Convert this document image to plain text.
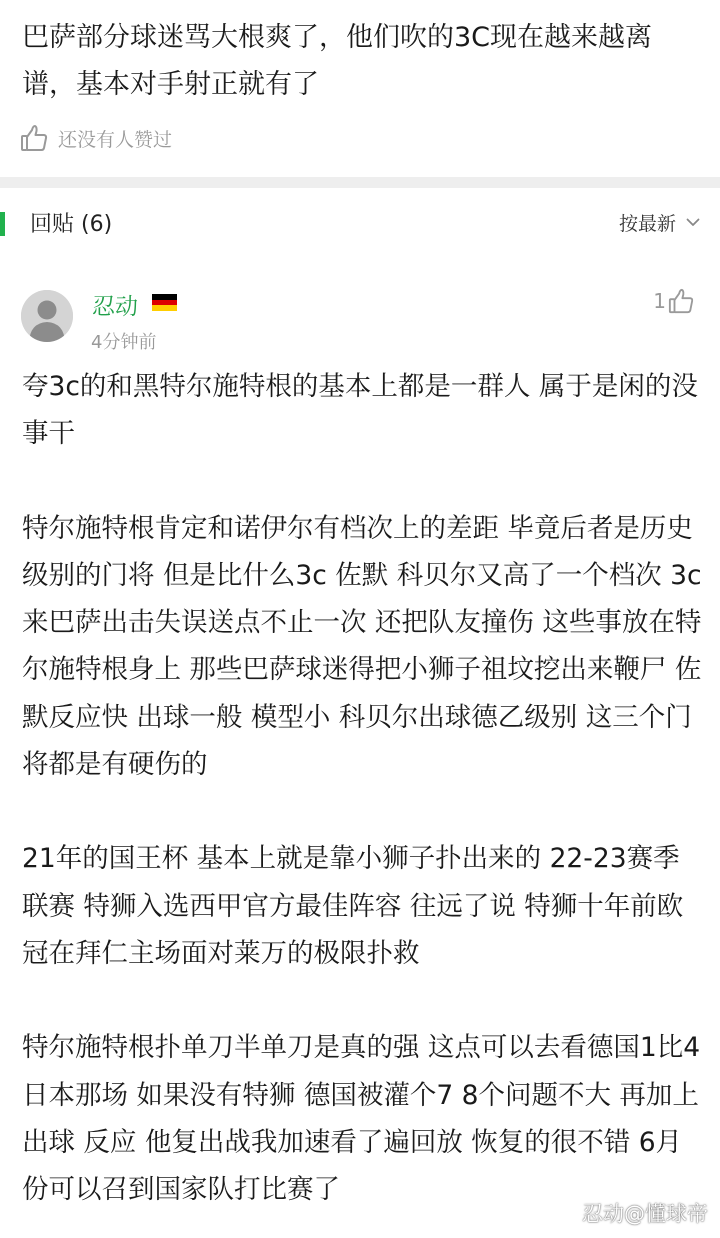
巴萨部分球迷骂大根爽了，他们吹的3C现在越来越离谱，基本对手射正就有了

还没有人赞过
回贴 (6)	按最新
忍动
4分钟前
1

夸3c的和黑特尔施特根的基本上都是一群人 属于是闲的没事干

特尔施特根肯定和诺伊尔有档次上的差距 毕竟后者是历史级别的门将 但是比什么3c 佐默 科贝尔又高了一个档次 3c来巴萨出击失误送点不止一次 还把队友撞伤 这些事放在特尔施特根身上 那些巴萨球迷得把小狮子祖坟挖出来鞭尸 佐默反应快 出球一般 模型小 科贝尔出球德乙级别 这三个门将都是有硬伤的

21年的国王杯 基本上就是靠小狮子扑出来的 22-23赛季联赛 特狮入选西甲官方最佳阵容 往远了说 特狮十年前欧冠在拜仁主场面对莱万的极限扑救

特尔施特根扑单刀半单刀是真的强 这点可以去看德国1比4日本那场 如果没有特狮 德国被灌个7 8个问题不大 再加上出球 反应 他复出战我加速看了遍回放 恢复的很不错 6月份可以召到国家队打比赛了

忍动@懂球帝
